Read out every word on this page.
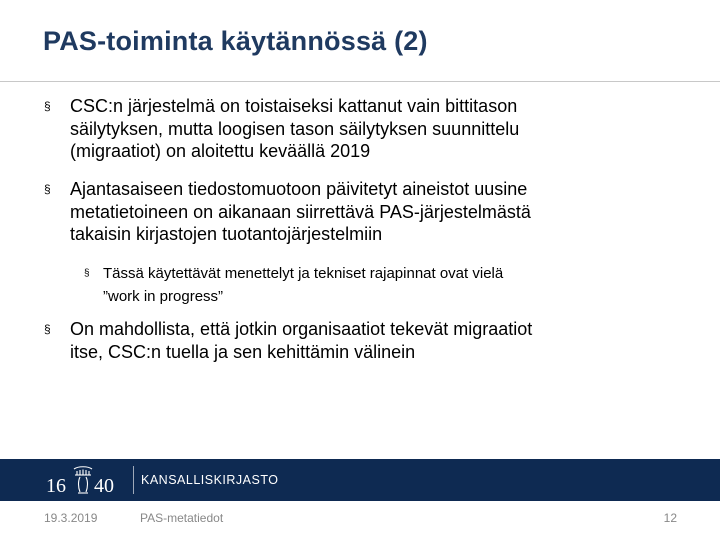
PAS-toiminta käytännössä (2)
§ CSC:n järjestelmä on toistaiseksi kattanut vain bittitason
säilytyksen, mutta loogisen tason säilytyksen suunnittelu
(migraatiot) on aloitettu keväällä 2019
§ Ajantasaiseen tiedostomuotoon päivitetyt aineistot uusine
metatietoineen on aikanaan siirrettävä PAS-järjestelmästä
takaisin kirjastojen tuotantojärjestelmiin
§ Tässä käytettävät menettelyt ja tekniset rajapinnat ovat vielä
”work in progress”
§ On mahdollista, että jotkin organisaatiot tekevät migraatiot
itse, CSC:n tuella ja sen kehittämin välinein
16 40 KANSALLISKIRJASTO
19.3.2019	PAS-metatiedot	12
